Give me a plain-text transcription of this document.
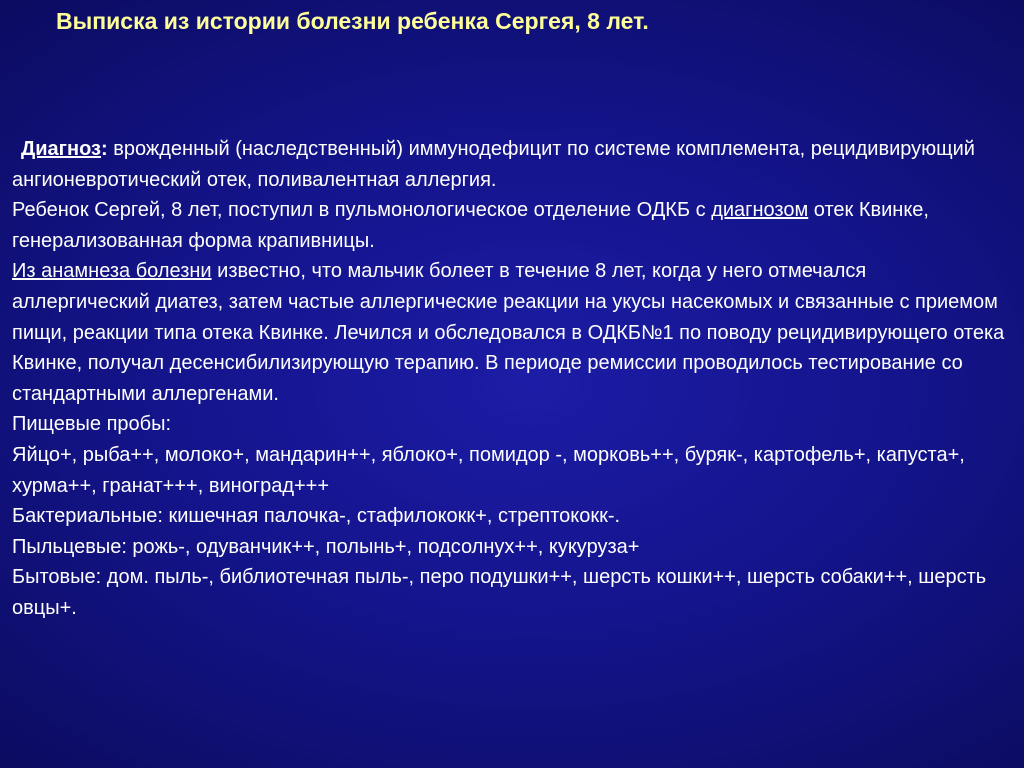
Выписка из истории болезни ребенка Сергея, 8 лет.

Диагноз: врожденный (наследственный) иммунодефицит по системе комплемента, рецидивирующий ангионевротический отек, поливалентная аллергия.

Ребенок Сергей, 8 лет, поступил в пульмонологическое отделение ОДКБ с диагнозом отек Квинке, генерализованная форма крапивницы.

Из анамнеза болезни известно, что мальчик болеет в течение 8 лет, когда у него отмечался аллергический диатез, затем частые аллергические реакции на укусы насекомых и связанные с приемом пищи, реакции типа отека Квинке. Лечился и обследовался в ОДКБ№1 по поводу рецидивирующего отека Квинке, получал десенсибилизирующую терапию. В периоде ремиссии проводилось тестирование со стандартными аллергенами.

Пищевые пробы:

Яйцо+, рыба++, молоко+, мандарин++, яблоко+, помидор -, морковь++, буряк-, картофель+, капуста+, хурма++, гранат+++, виноград+++

Бактериальные: кишечная палочка-, стафилококк+, стрептококк-.

Пыльцевые: рожь-, одуванчик++, полынь+, подсолнух++, кукуруза+

Бытовые: дом. пыль-, библиотечная пыль-, перо подушки++, шерсть кошки++, шерсть собаки++, шерсть овцы+.
